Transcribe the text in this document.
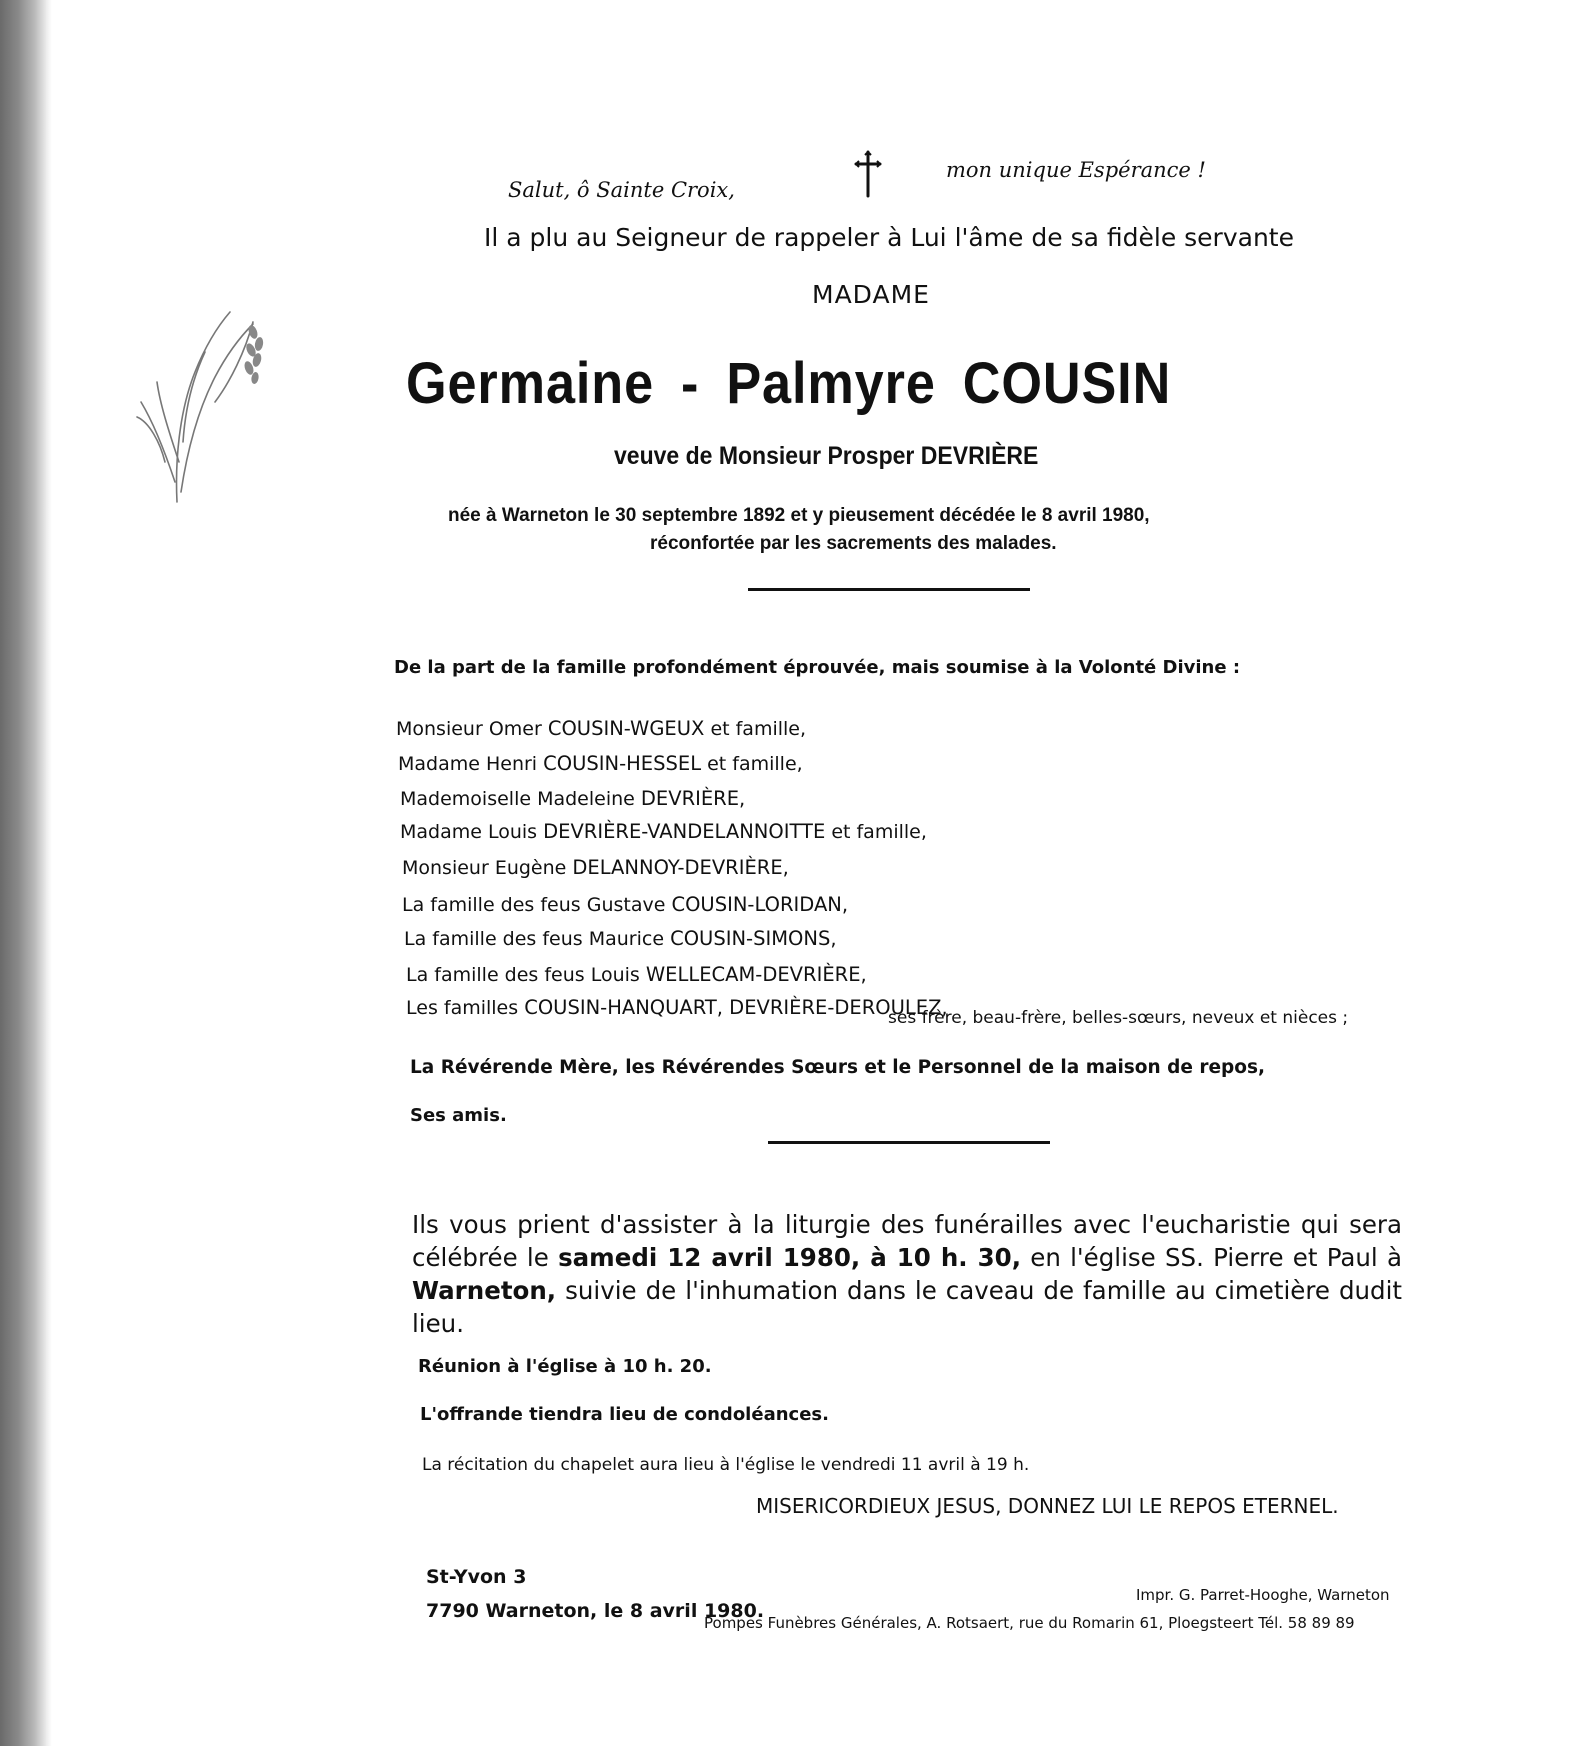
Salut, ô Sainte Croix,
mon unique Espérance !
Il a plu au Seigneur de rappeler à Lui l'âme de sa fidèle servante
MADAME
Germaine - Palmyre COUSIN
veuve de Monsieur Prosper DEVRIÈRE
née à Warneton le 30 septembre 1892 et y pieusement décédée le 8 avril 1980,
réconfortée par les sacrements des malades.
De la part de la famille profondément éprouvée, mais soumise à la Volonté Divine :
Monsieur Omer COUSIN-WGEUX et famille,
Madame Henri COUSIN-HESSEL et famille,
Mademoiselle Madeleine DEVRIÈRE,
Madame Louis DEVRIÈRE-VANDELANNOITTE et famille,
Monsieur Eugène DELANNOY-DEVRIÈRE,
La famille des feus Gustave COUSIN-LORIDAN,
La famille des feus Maurice COUSIN-SIMONS,
La famille des feus Louis WELLECAM-DEVRIÈRE,
Les familles COUSIN-HANQUART, DEVRIÈRE-DEROULEZ,
ses frère, beau-frère, belles-sœurs, neveux et nièces ;
La Révérende Mère, les Révérendes Sœurs et le Personnel de la maison de repos,
Ses amis.

Ils vous prient d'assister à la liturgie des funérailles avec l'eucharistie qui sera célébrée le samedi 12 avril 1980, à 10 h. 30, en l'église SS. Pierre et Paul à Warneton, suivie de l'inhumation dans le caveau de famille au cimetière dudit lieu.

Réunion à l'église à 10 h. 20.
L'offrande tiendra lieu de condoléances.
La récitation du chapelet aura lieu à l'église le vendredi 11 avril à 19 h.
MISERICORDIEUX JESUS, DONNEZ LUI LE REPOS ETERNEL.
St-Yvon 3
7790 Warneton, le 8 avril 1980.
Impr. G. Parret-Hooghe, Warneton
Pompes Funèbres Générales, A. Rotsaert, rue du Romarin 61, Ploegsteert Tél. 58 89 89
